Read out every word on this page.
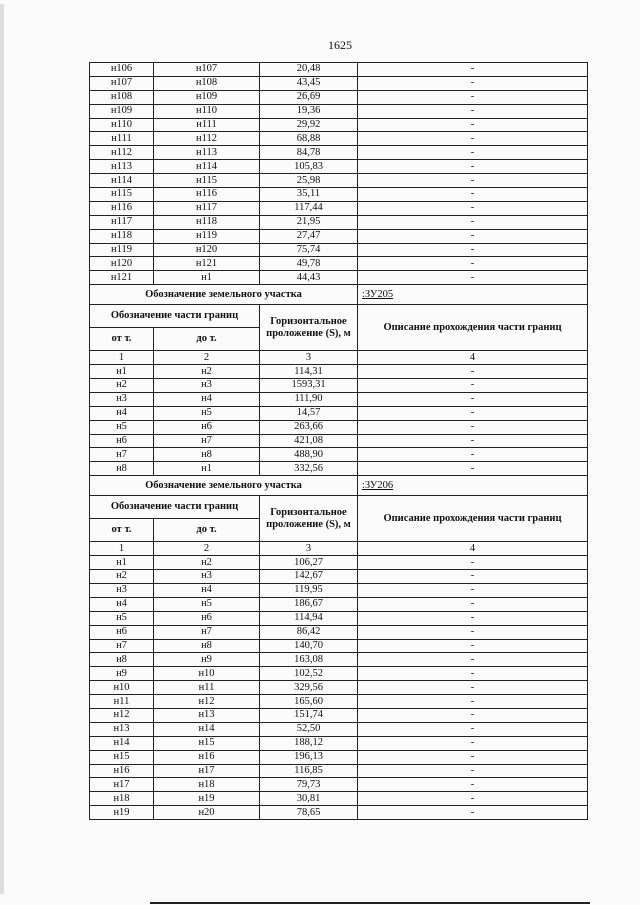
1625
н106	н107	20,48	-
н107	н108	43,45	-
н108	н109	26,69	-
н109	н110	19,36	-
н110	н111	29,92	-
н111	н112	68,88	-
н112	н113	84,78	-
н113	н114	105,83	-
н114	н115	25,98	-
н115	н116	35,11	-
н116	н117	117,44	-
н117	н118	21,95	-
н118	н119	27,47	-
н119	н120	75,74	-
н120	н121	49,78	-
н121	н1	44,43	-
Обозначение земельного участка			:ЗУ205
Обозначение части границ		Горизонтальное проложение (S), м	Описание прохождения части границ
от т.	до т.		
1	2	3	4
н1	н2	114,31	-
н2	н3	1593,31	-
н3	н4	111,90	-
н4	н5	14,57	-
н5	н6	263,66	-
н6	н7	421,08	-
н7	н8	488,90	-
н8	н1	332,56	-
Обозначение земельного участка			:ЗУ206
Обозначение части границ		Горизонтальное проложение (S), м	Описание прохождения части границ
от т.	до т.		
1	2	3	4
н1	н2	106,27	-
н2	н3	142,67	-
н3	н4	119,95	-
н4	н5	186,67	-
н5	н6	114,94	-
н6	н7	86,42	-
н7	н8	140,70	-
н8	н9	163,08	-
н9	н10	102,52	-
н10	н11	329,56	-
н11	н12	165,60	-
н12	н13	151,74	-
н13	н14	52,50	-
н14	н15	188,12	-
н15	н16	196,13	-
н16	н17	116,85	-
н17	н18	79,73	-
н18	н19	30,81	-
н19	н20	78,65	-
